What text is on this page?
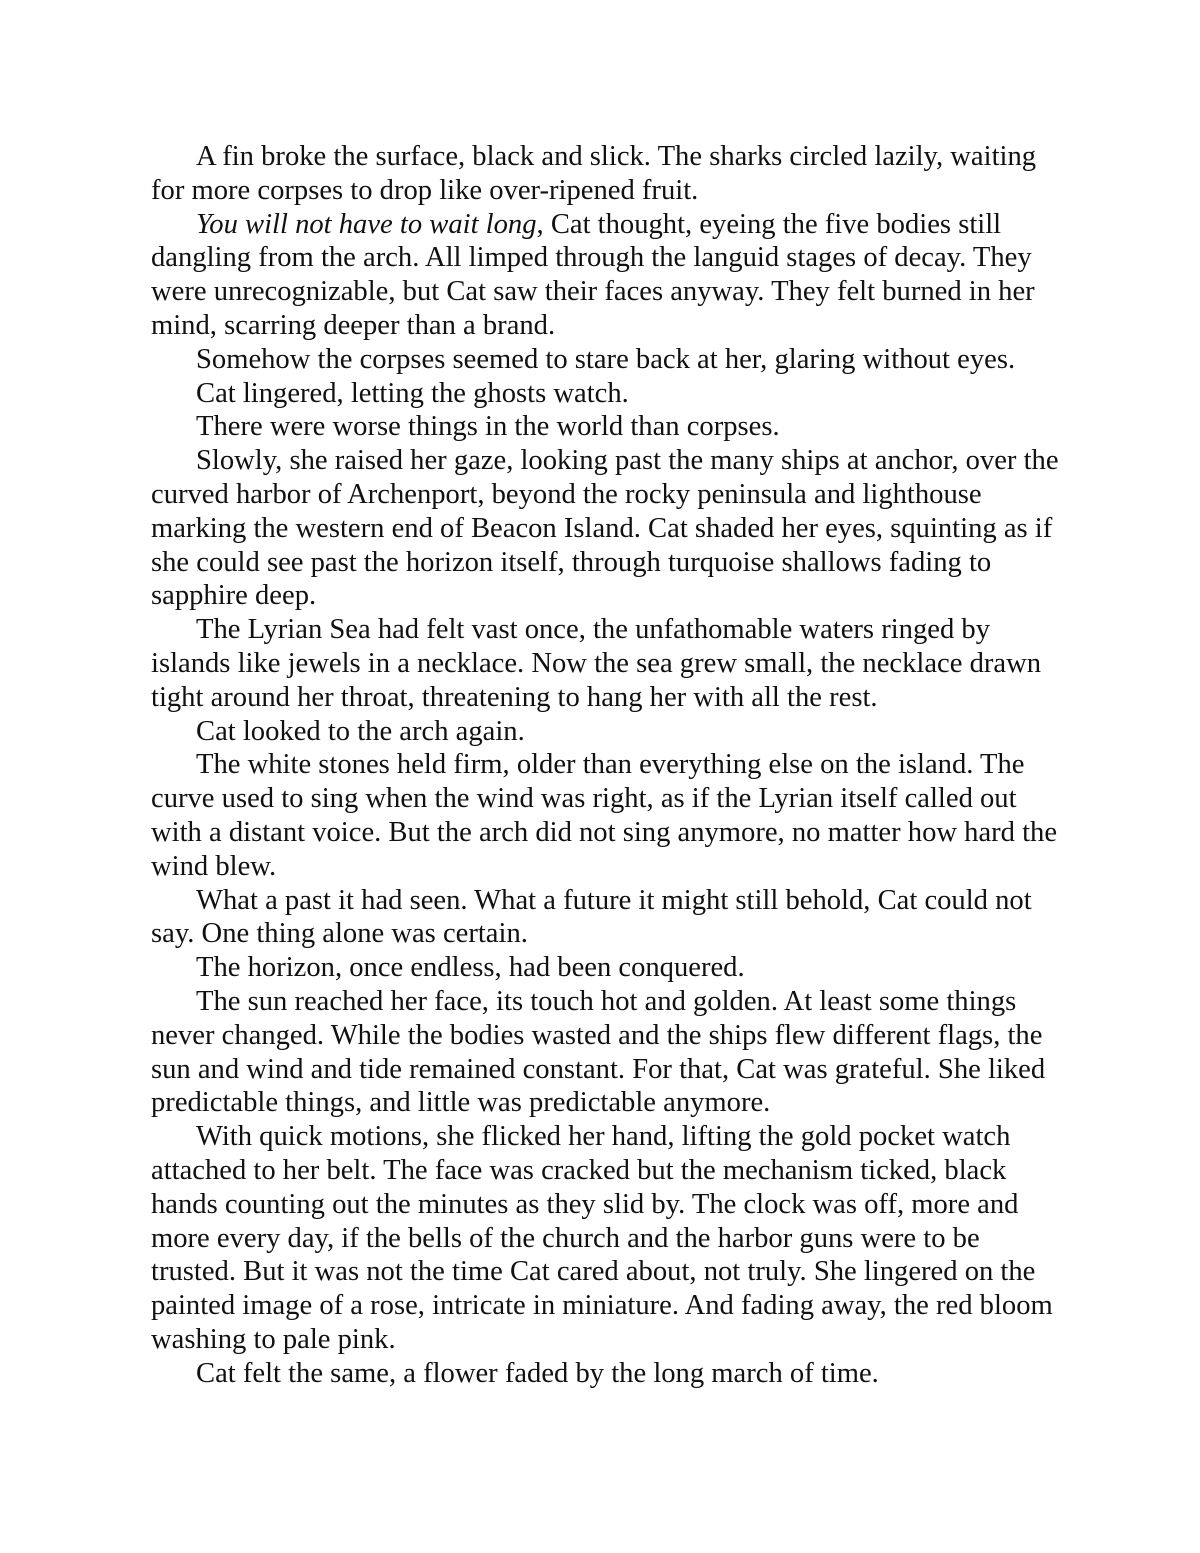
A fin broke the surface, black and slick. The sharks circled lazily, waiting for more corpses to drop like over-ripened fruit.

You will not have to wait long, Cat thought, eyeing the five bodies still dangling from the arch. All limped through the languid stages of decay. They were unrecognizable, but Cat saw their faces anyway. They felt burned in her mind, scarring deeper than a brand.

Somehow the corpses seemed to stare back at her, glaring without eyes.

Cat lingered, letting the ghosts watch.

There were worse things in the world than corpses.

Slowly, she raised her gaze, looking past the many ships at anchor, over the curved harbor of Archenport, beyond the rocky peninsula and lighthouse marking the western end of Beacon Island. Cat shaded her eyes, squinting as if she could see past the horizon itself, through turquoise shallows fading to sapphire deep.

The Lyrian Sea had felt vast once, the unfathomable waters ringed by islands like jewels in a necklace. Now the sea grew small, the necklace drawn tight around her throat, threatening to hang her with all the rest.

Cat looked to the arch again.

The white stones held firm, older than everything else on the island. The curve used to sing when the wind was right, as if the Lyrian itself called out with a distant voice. But the arch did not sing anymore, no matter how hard the wind blew.

What a past it had seen. What a future it might still behold, Cat could not say. One thing alone was certain.

The horizon, once endless, had been conquered.

The sun reached her face, its touch hot and golden. At least some things never changed. While the bodies wasted and the ships flew different flags, the sun and wind and tide remained constant. For that, Cat was grateful. She liked predictable things, and little was predictable anymore.

With quick motions, she flicked her hand, lifting the gold pocket watch attached to her belt. The face was cracked but the mechanism ticked, black hands counting out the minutes as they slid by. The clock was off, more and more every day, if the bells of the church and the harbor guns were to be trusted. But it was not the time Cat cared about, not truly. She lingered on the painted image of a rose, intricate in miniature. And fading away, the red bloom washing to pale pink.

Cat felt the same, a flower faded by the long march of time.
